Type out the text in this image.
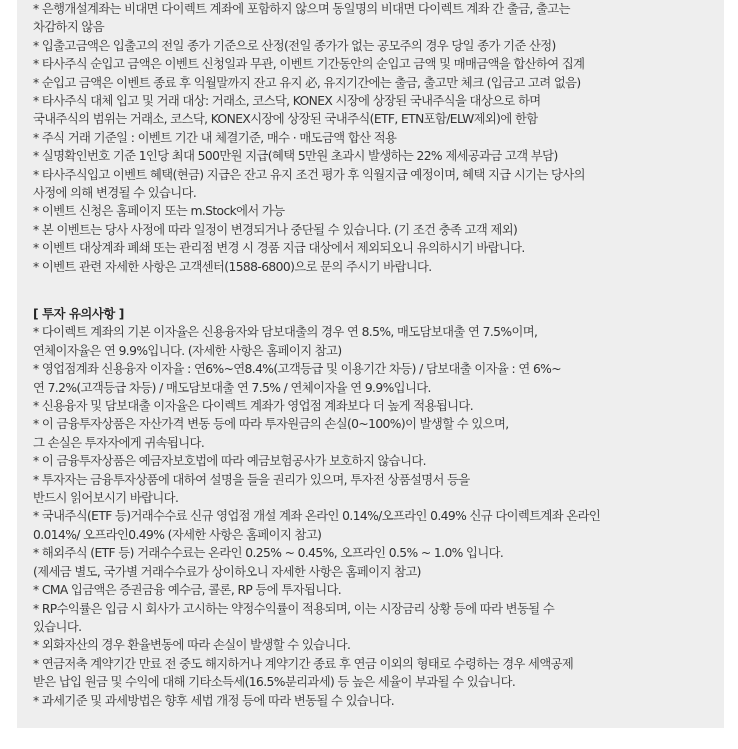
* 은행개설계좌는 비대면 다이렉트 계좌에 포함하지 않으며 동일명의 비대면 다이렉트 계좌 간 출금, 출고는
차감하지 않음
* 입출고금액은 입출고의 전일 종가 기준으로 산정(전일 종가가 없는 공모주의 경우 당일 종가 기준 산정)
* 타사주식 순입고 금액은 이벤트 신청일과 무관, 이벤트 기간동안의 순입고 금액 및 매매금액을 합산하여 집계
* 순입고 금액은 이벤트 종료 후 익월말까지 잔고 유지 必, 유지기간에는 출금, 출고만 체크 (입금고 고려 없음)
* 타사주식 대체 입고 및 거래 대상: 거래소, 코스닥, KONEX 시장에 상장된 국내주식을 대상으로 하며
국내주식의 범위는 거래소, 코스닥, KONEX시장에 상장된 국내주식(ETF, ETN포함/ELW제외)에 한함
* 주식 거래 기준일 : 이벤트 기간 내 체결기준, 매수 · 매도금액 합산 적용
* 실명확인번호 기준 1인당 최대 500만원 지급(혜택 5만원 초과시 발생하는 22% 제세공과금 고객 부담)
* 타사주식입고 이벤트 혜택(현금) 지급은 잔고 유지 조건 평가 후 익월지급 예정이며, 혜택 지급 시기는 당사의
사정에 의해 변경될 수 있습니다.
* 이벤트 신청은 홈페이지 또는 m.Stock에서 가능
* 본 이벤트는 당사 사정에 따라 일정이 변경되거나 중단될 수 있습니다. (기 조건 충족 고객 제외)
* 이벤트 대상계좌 폐쇄 또는 관리점 변경 시 경품 지급 대상에서 제외되오니 유의하시기 바랍니다.
* 이벤트 관련 자세한 사항은 고객센터(1588-6800)으로 문의 주시기 바랍니다.
[ 투자 유의사항 ]
* 다이렉트 계좌의 기본 이자율은 신용융자와 담보대출의 경우 연 8.5%, 매도담보대출 연 7.5%이며,
연체이자율은 연 9.9%입니다. (자세한 사항은 홈페이지 참고)
* 영업점계좌 신용융자 이자율 : 연6%~연8.4%(고객등급 및 이용기간 차등) / 담보대출 이자율 : 연 6%~
연 7.2%(고객등급 차등) / 매도담보대출 연 7.5% / 연체이자율 연 9.9%입니다.
* 신용융자 및 담보대출 이자율은 다이렉트 계좌가 영업점 계좌보다 더 높게 적용됩니다.
* 이 금융투자상품은 자산가격 변동 등에 따라 투자원금의 손실(0~100%)이 발생할 수 있으며,
그 손실은 투자자에게 귀속됩니다.
* 이 금융투자상품은 예금자보호법에 따라 예금보험공사가 보호하지 않습니다.
* 투자자는 금융투자상품에 대하여 설명을 들을 권리가 있으며, 투자전 상품설명서 등을
반드시 읽어보시기 바랍니다.
* 국내주식(ETF 등)거래수수료 신규 영업점 개설 계좌 온라인 0.14%/오프라인 0.49% 신규 다이렉트계좌 온라인
0.014%/ 오프라인0.49% (자세한 사항은 홈페이지 참고)
* 해외주식 (ETF 등) 거래수수료는 온라인 0.25% ~ 0.45%, 오프라인 0.5% ~ 1.0% 입니다.
(제세금 별도, 국가별 거래수수료가 상이하오니 자세한 사항은 홈페이지 참고)
* CMA 입금액은 증권금융 예수금, 콜론, RP 등에 투자됩니다.
* RP수익률은 입금 시 회사가 고시하는 약정수익률이 적용되며, 이는 시장금리 상황 등에 따라 변동될 수
있습니다.
* 외화자산의 경우 환율변동에 따라 손실이 발생할 수 있습니다.
* 연금저축 계약기간 만료 전 중도 해지하거나 계약기간 종료 후 연금 이외의 형태로 수령하는 경우 세액공제
받은 납입 원금 및 수익에 대해 기타소득세(16.5%분리과세) 등 높은 세율이 부과될 수 있습니다.
* 과세기준 및 과세방법은 향후 세법 개정 등에 따라 변동될 수 있습니다.
